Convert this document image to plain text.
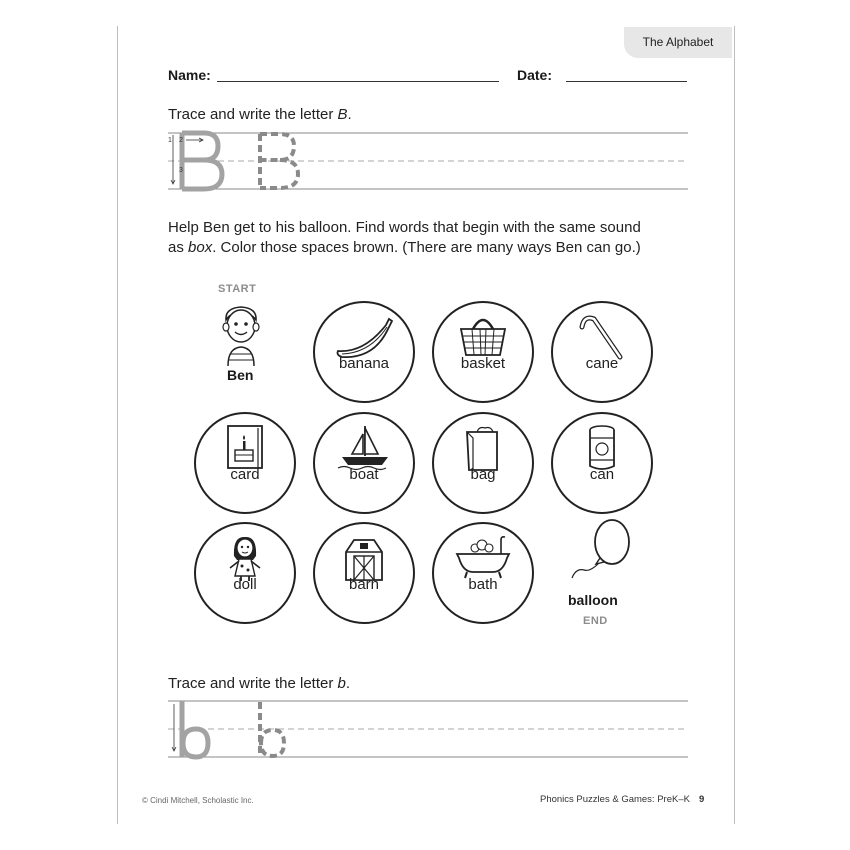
The Alphabet
Name:	Date:
Trace and write the letter B.
1 2
3
Help Ben get to his balloon. Find words that begin with the same sound
as box. Color those spaces brown. (There are many ways Ben can go.)
START
Ben
banana	basket	cane
card	boat	bag	can
doll	barn	bath
balloon
END
Trace and write the letter b.
© Cindi Mitchell, Scholastic Inc.	Phonics Puzzles & Games: PreK–K 9
